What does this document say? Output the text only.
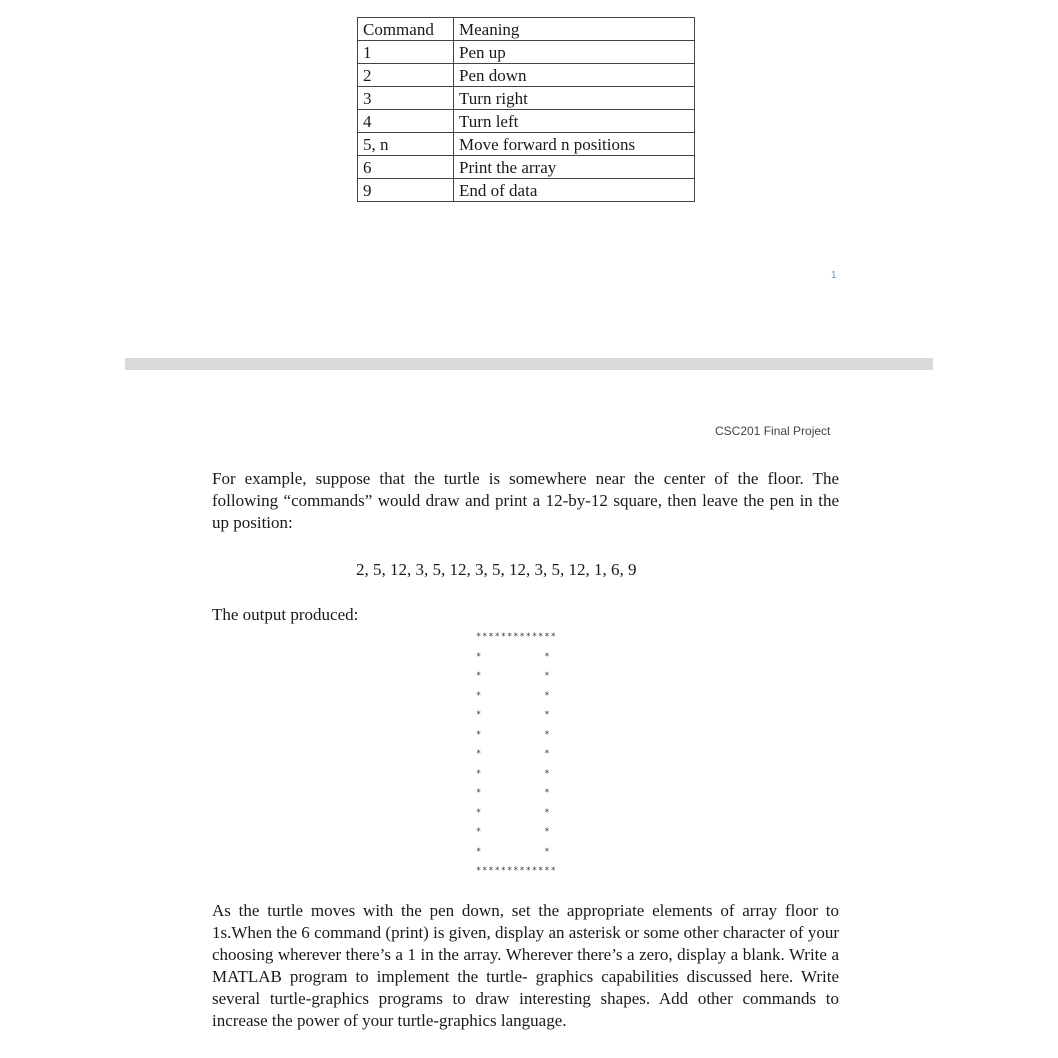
Command	Meaning
1	Pen up
2	Pen down
3	Turn right
4	Turn left
5, n	Move forward n positions
6	Print the array
9	End of data
1
CSC201 Final Project
For example, suppose that the turtle is somewhere near the center of the floor. The following “commands” would draw and print a 12-by-12 square, then leave the pen in the up position:
2, 5, 12, 3, 5, 12, 3, 5, 12, 3, 5, 12, 1, 6, 9
The output produced:
*************
*          *
*          *
*          *
*          *
*          *
*          *
*          *
*          *
*          *
*          *
*          *
*************
As the turtle moves with the pen down, set the appropriate elements of array floor to 1s.When the 6 command (print) is given, display an asterisk or some other character of your choosing wherever there’s a 1 in the array. Wherever there’s a zero, display a blank. Write a MATLAB program to implement the turtle- graphics capabilities discussed here. Write several turtle-graphics programs to draw interesting shapes. Add other commands to increase the power of your turtle-graphics language.
